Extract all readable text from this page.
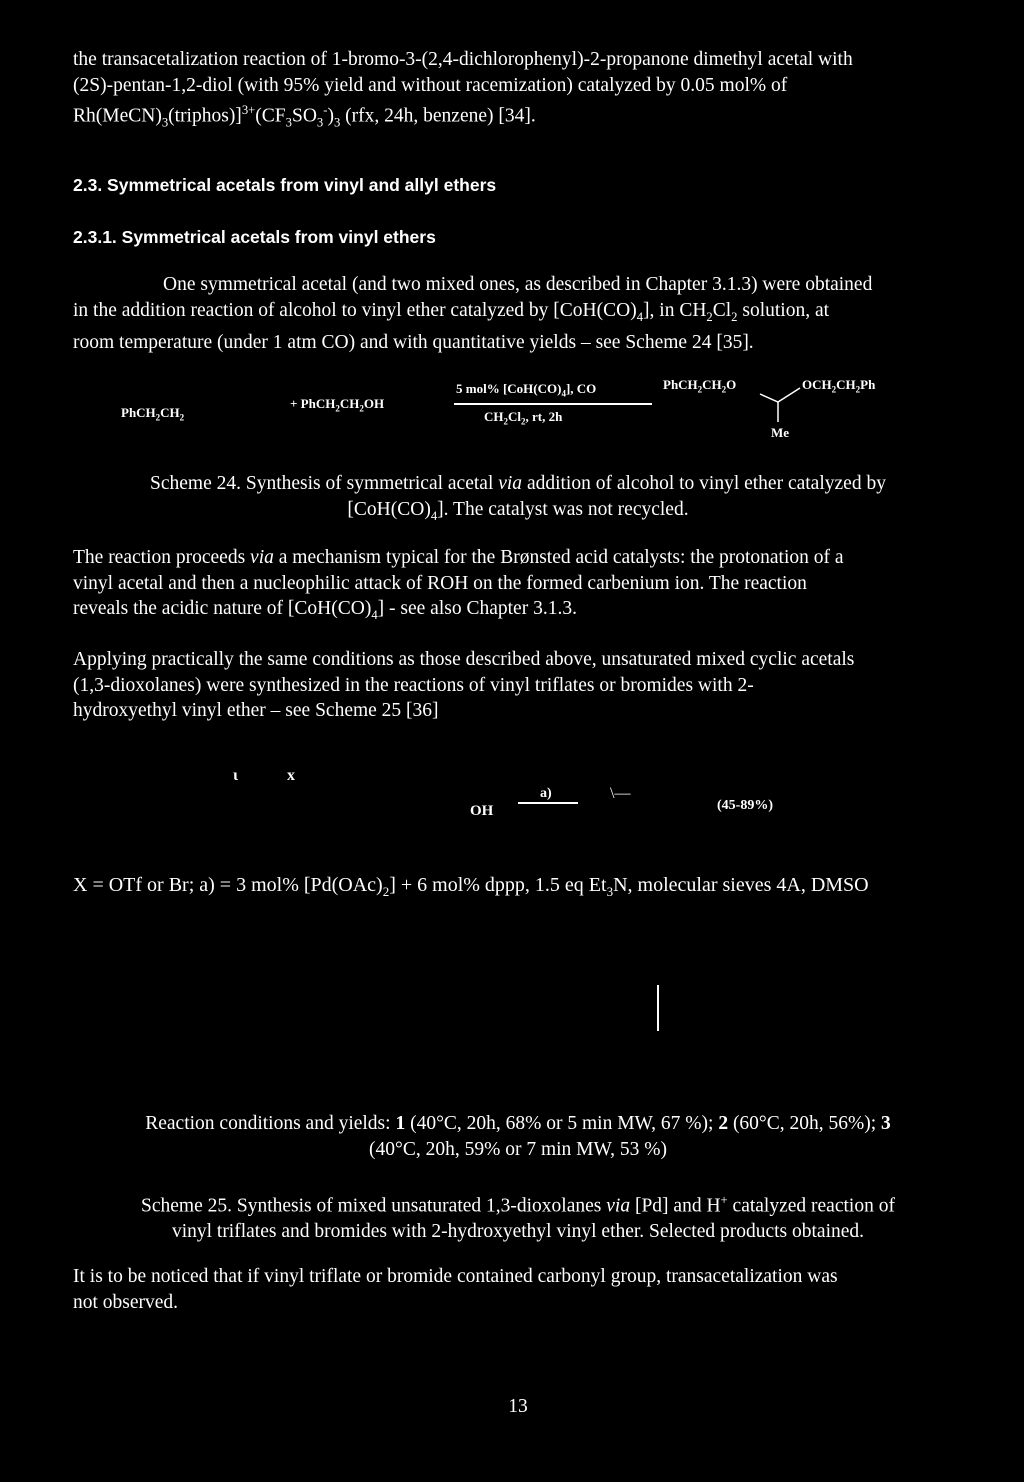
the transacetalization reaction of 1-bromo-3-(2,4-dichlorophenyl)-2-propanone dimethyl acetal with
(2S)-pentan-1,2-diol (with 95% yield and without racemization) catalyzed by 0.05 mol% of
$Rh(MeCN)_3(triphos)]^{3+}(CF_3SO_3^-)_3$ (rfx, 24h, benzene) [34].
2.3. Symmetrical acetals from vinyl and allyl ethers
2.3.1. Symmetrical acetals from vinyl ethers
One symmetrical acetal (and two mixed ones, as described in Chapter 3.1.3) were obtained
in the addition reaction of alcohol to vinyl ether catalyzed by $[CoH(CO)_4]$, in $CH_2Cl_2$ solution, at
room temperature (under 1 atm CO) and with quantitative yields – see Scheme 24 [35].
$PhCH_2CH_2$
+ $PhCH_2CH_2OH$
5 mol% $[CoH(CO)_4]$, CO
$CH_2Cl_2$, rt, 2h
$PhCH_2CH_2O$	$OCH_2CH_2Ph$
Me
Scheme 24. Synthesis of symmetrical acetal via addition of alcohol to vinyl ether catalyzed by
$[CoH(CO)_4]$. The catalyst was not recycled.
The reaction proceeds via a mechanism typical for the Brønsted acid catalysts: the protonation of a
vinyl acetal and then a nucleophilic attack of ROH on the formed carbenium ion. The reaction
reveals the acidic nature of $[CoH(CO)_4]$ - see also Chapter 3.1.3.
Applying practically the same conditions as those described above, unsaturated mixed cyclic acetals
(1,3-dioxolanes) were synthesized in the reactions of vinyl triflates or bromides with 2-
hydroxyethyl vinyl ether – see Scheme 25 [36]
ι	x
OH
a)	\—
(45-89%)
X = OTf or Br; a) = 3 mol% $[Pd(OAc)_2] + 6$ mol% dppp, 1.5 eq $Et_3N$, molecular sieves 4A, DMSO
Reaction conditions and yields: 1 (40°C, 20h, 68% or 5 min MW, 67 %); 2 (60°C, 20h, 56%); 3
(40°C, 20h, 59% or 7 min MW, 53 %)
Scheme 25. Synthesis of mixed unsaturated 1,3-dioxolanes via [Pd] and H+ catalyzed reaction of
vinyl triflates and bromides with 2-hydroxyethyl vinyl ether. Selected products obtained.
It is to be noticed that if vinyl triflate or bromide contained carbonyl group, transacetalization was
not observed.
13
